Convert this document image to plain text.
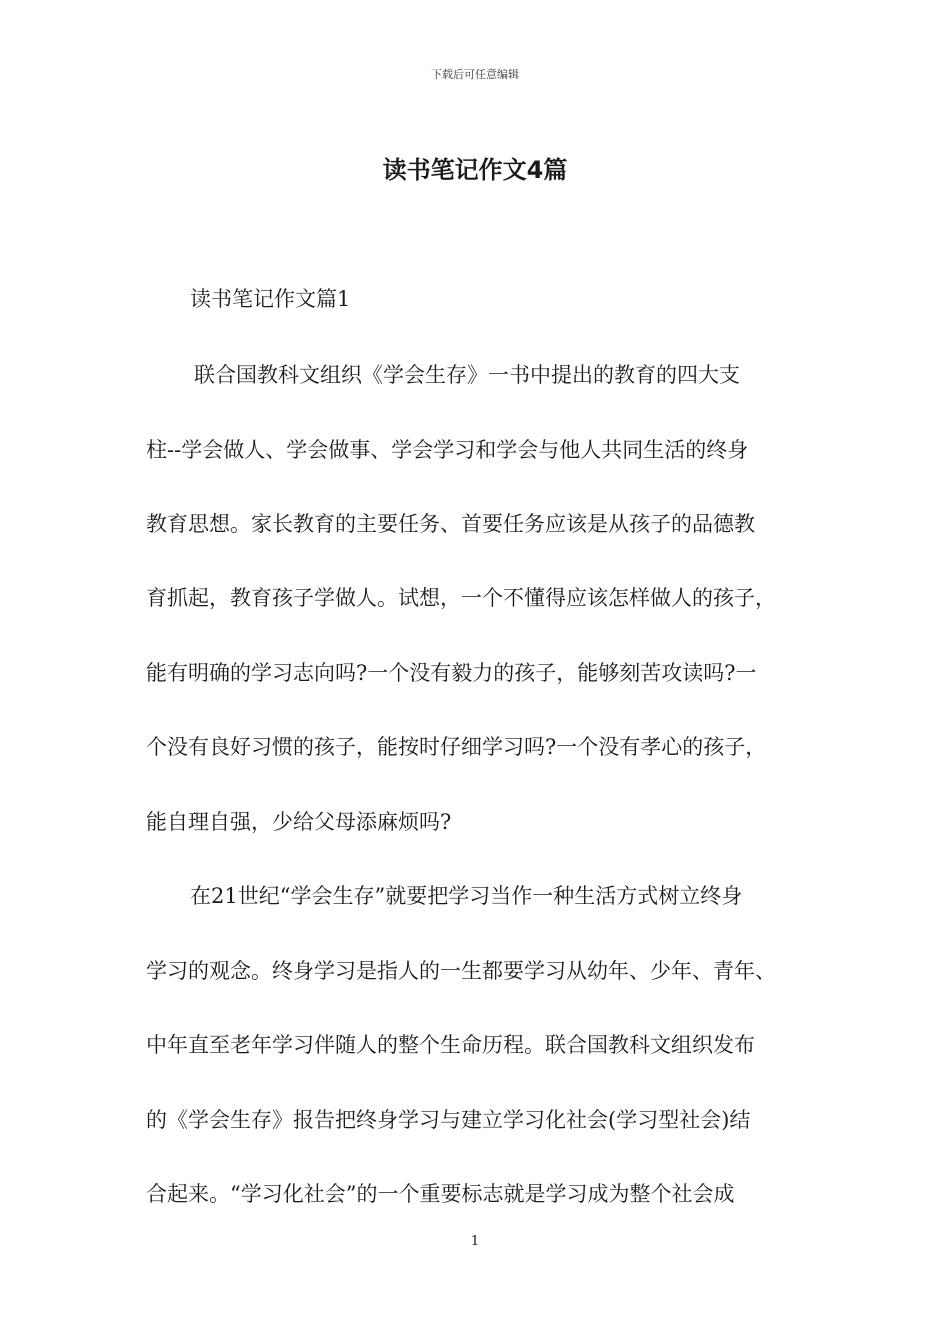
下载后可任意编辑
读书笔记作文4篇
读书笔记作文篇1
联合国教科文组织《学会生存》一书中提出的教育的四大支
柱--学会做人、学会做事、学会学习和学会与他人共同生活的终身
教育思想。家长教育的主要任务、首要任务应该是从孩子的品德教
育抓起，教育孩子学做人。试想，一个不懂得应该怎样做人的孩子，
能有明确的学习志向吗?一个没有毅力的孩子，能够刻苦攻读吗?一
个没有良好习惯的孩子，能按时仔细学习吗?一个没有孝心的孩子，
能自理自强，少给父母添麻烦吗?
在21世纪“学会生存”就要把学习当作一种生活方式树立终身
学习的观念。终身学习是指人的一生都要学习从幼年、少年、青年、
中年直至老年学习伴随人的整个生命历程。联合国教科文组织发布
的《学会生存》报告把终身学习与建立学习化社会(学习型社会)结
合起来。“学习化社会”的一个重要标志就是学习成为整个社会成
1
